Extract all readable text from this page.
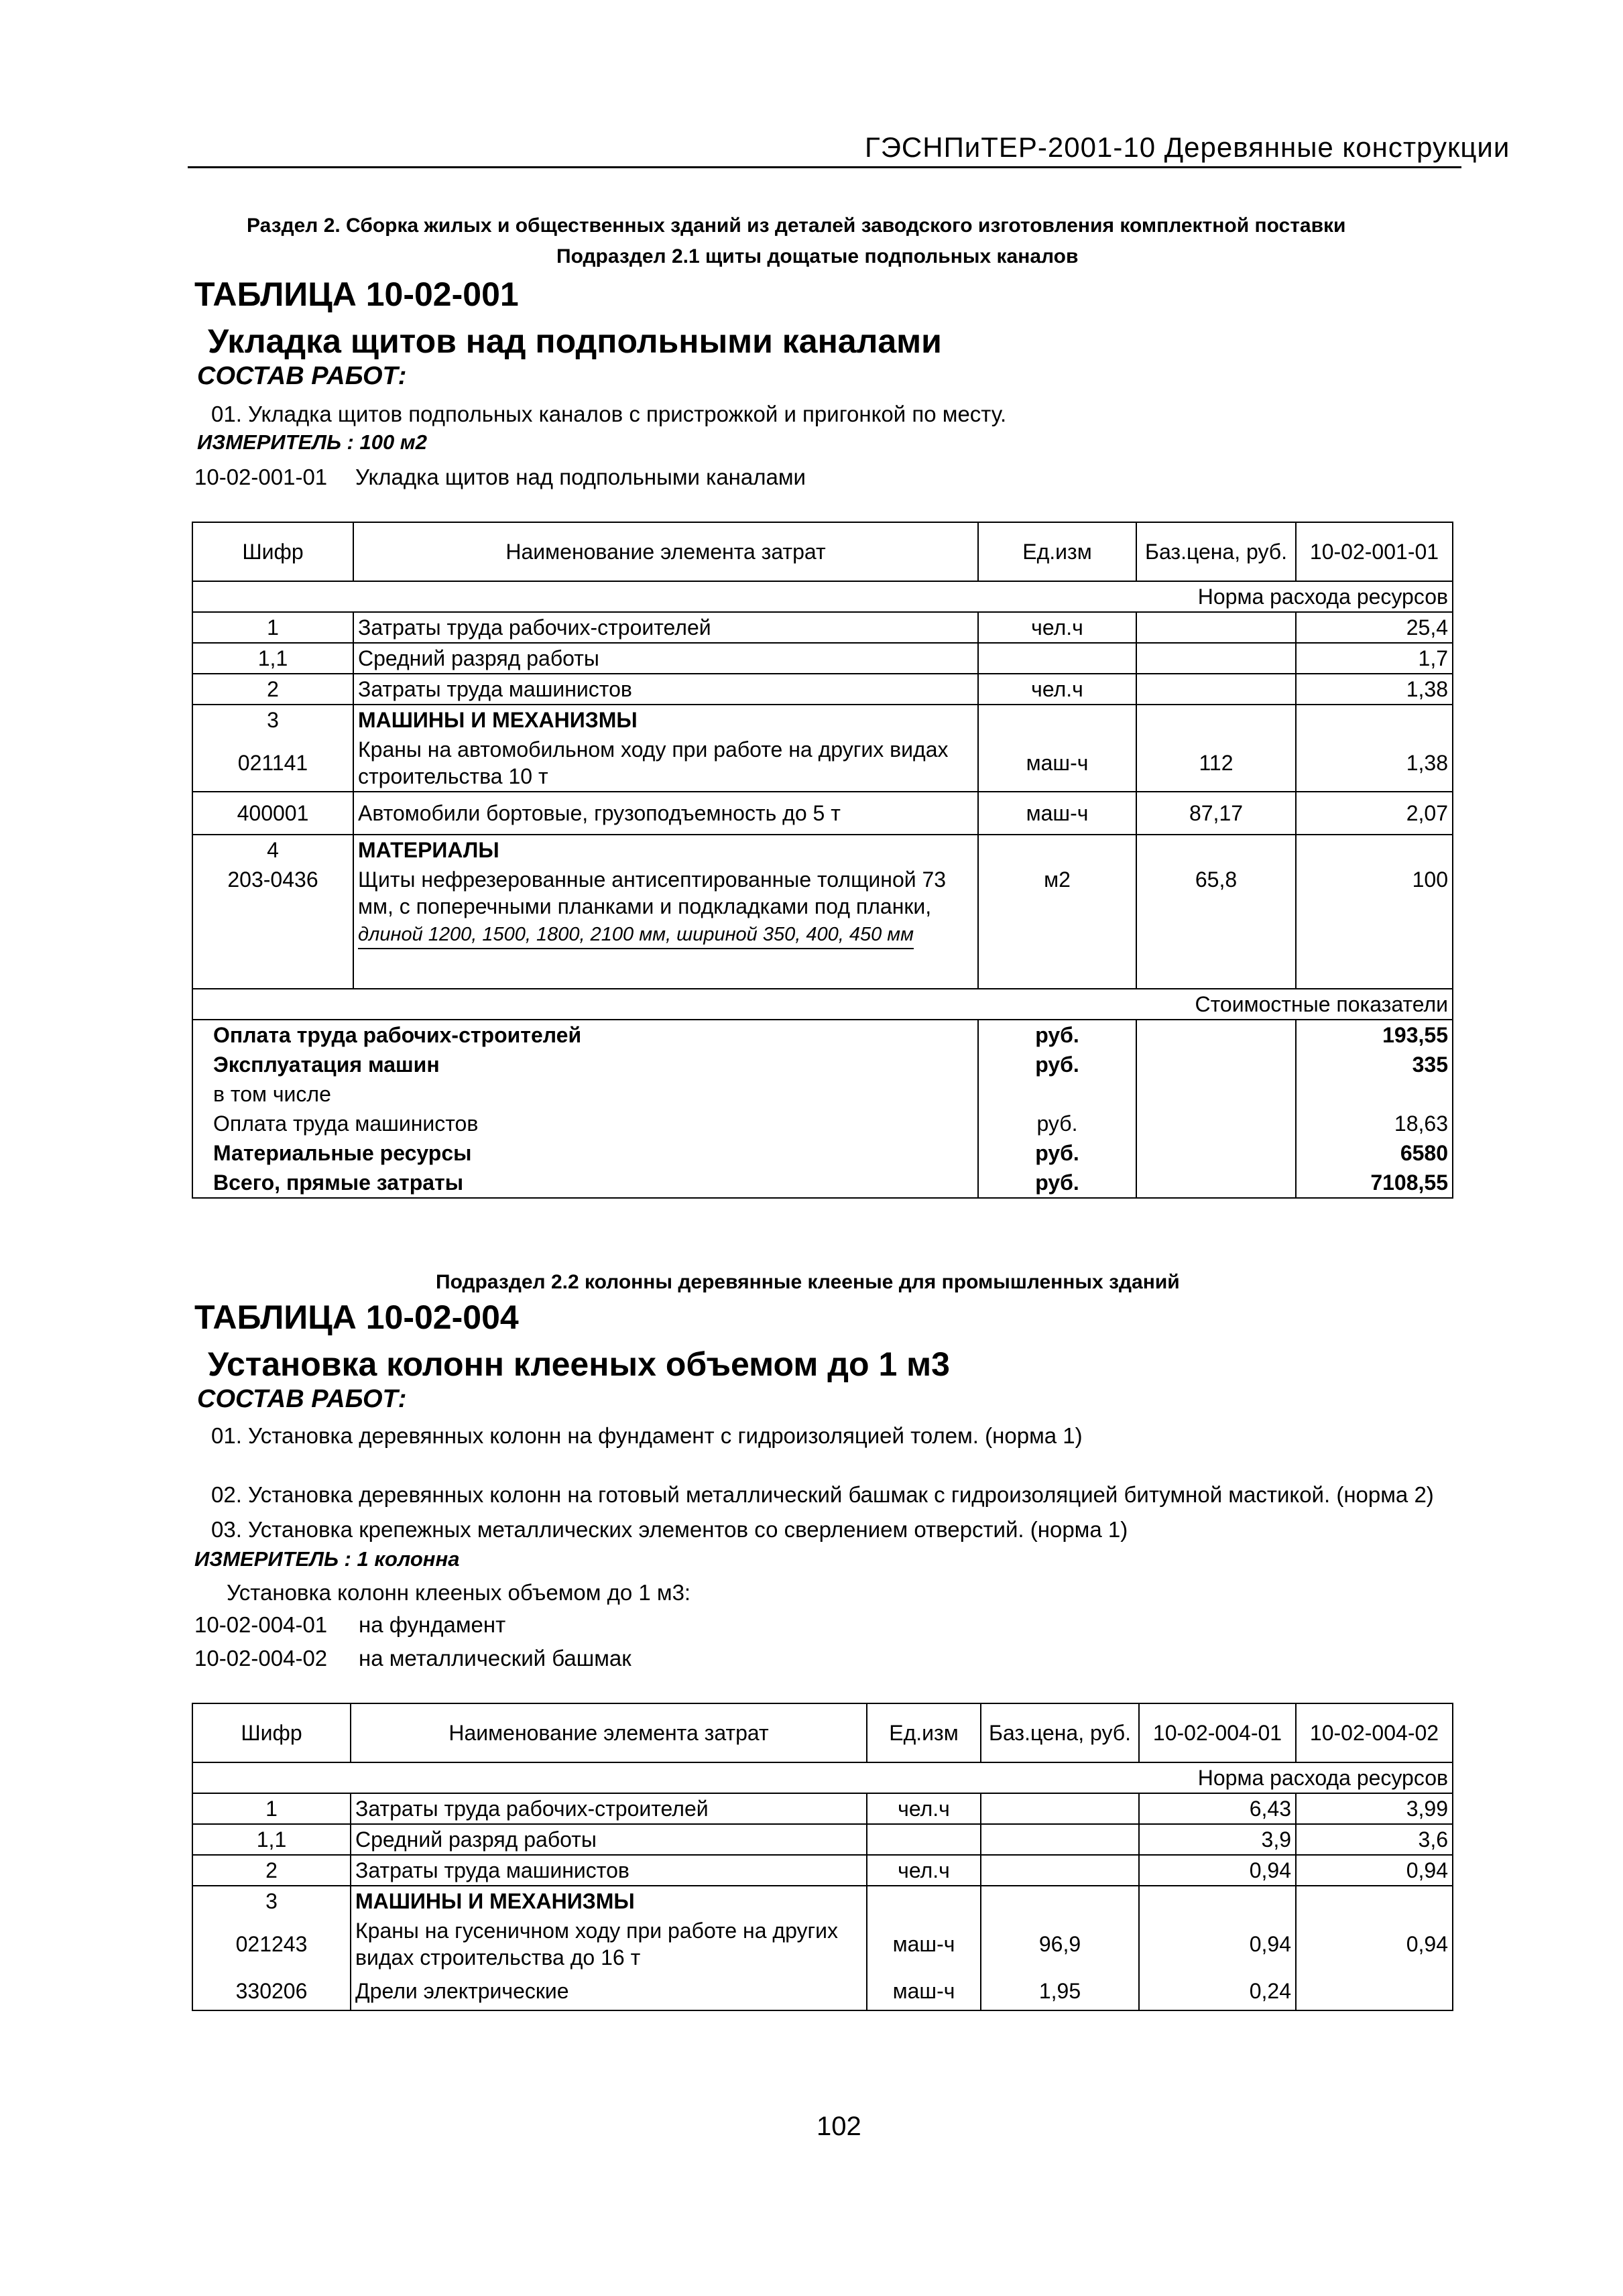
ГЭСНПиТЕР-2001-10 Деревянные конструкции
Раздел 2. Сборка жилых и общественных зданий из деталей заводского изготовления комплектной поставки
Подраздел 2.1 щиты дощатые подпольных каналов
ТАБЛИЦА 10-02-001
Укладка щитов над подпольными каналами
СОСТАВ РАБОТ:
01. Укладка щитов подпольных каналов с пристрожкой и пригонкой по месту.
ИЗМЕРИТЕЛЬ : 100 м2
10-02-001-01 Укладка щитов над подпольными каналами
Шифр	Наименование элемента затрат	Ед.изм	Баз.цена, руб.	10-02-001-01
			Норма расхода ресурсов	
1	Затраты труда рабочих-строителей	чел.ч		25,4
1,1	Средний разряд работы			1,7
2	Затраты труда машинистов	чел.ч		1,38
3	МАШИНЫ И МЕХАНИЗМЫ			
021141	Краны на автомобильном ходу при работе на других видах строительства 10 т	маш-ч	112	1,38
400001	Автомобили бортовые, грузоподъемность до 5 т	маш-ч	87,17	2,07
4	МАТЕРИАЛЫ			
203-0436	Щиты нефрезерованные антисептированные толщиной 73 мм, с поперечными планками и подкладками под планки,
длиной 1200, 1500, 1800, 2100 мм, шириной 350, 400, 450 мм	м2	65,8	100
				Стоимостные показатели
Оплата труда рабочих-строителей		руб.		193,55
Эксплуатация машин		руб.		335
в том числе				
Оплата труда машинистов		руб.		18,63
Материальные ресурсы		руб.		6580
Всего, прямые затраты		руб.		7108,55
Подраздел 2.2 колонны деревянные клееные для промышленных зданий
ТАБЛИЦА 10-02-004
Установка колонн клееных объемом до 1 м3
СОСТАВ РАБОТ:
01. Установка деревянных колонн на фундамент с гидроизоляцией толем. (норма 1)
02. Установка деревянных колонн на готовый металлический башмак с гидроизоляцией битумной мастикой. (норма 2)
03. Установка крепежных металлических элементов со сверлением отверстий. (норма 1)
ИЗМЕРИТЕЛЬ : 1 колонна
Установка колонн клееных объемом до 1 м3:
10-02-004-01 на фундамент
10-02-004-02 на металлический башмак
Шифр	Наименование элемента затрат	Ед.изм	Баз.цена, руб.	10-02-004-01	10-02-004-02
				Норма расхода ресурсов	
1	Затраты труда рабочих-строителей	чел.ч		6,43	3,99
1,1	Средний разряд работы			3,9	3,6
2	Затраты труда машинистов	чел.ч		0,94	0,94
3	МАШИНЫ И МЕХАНИЗМЫ				
021243	Краны на гусеничном ходу при работе на других видах строительства до 16 т	маш-ч	96,9	0,94	0,94
330206	Дрели электрические	маш-ч	1,95	0,24	
102
